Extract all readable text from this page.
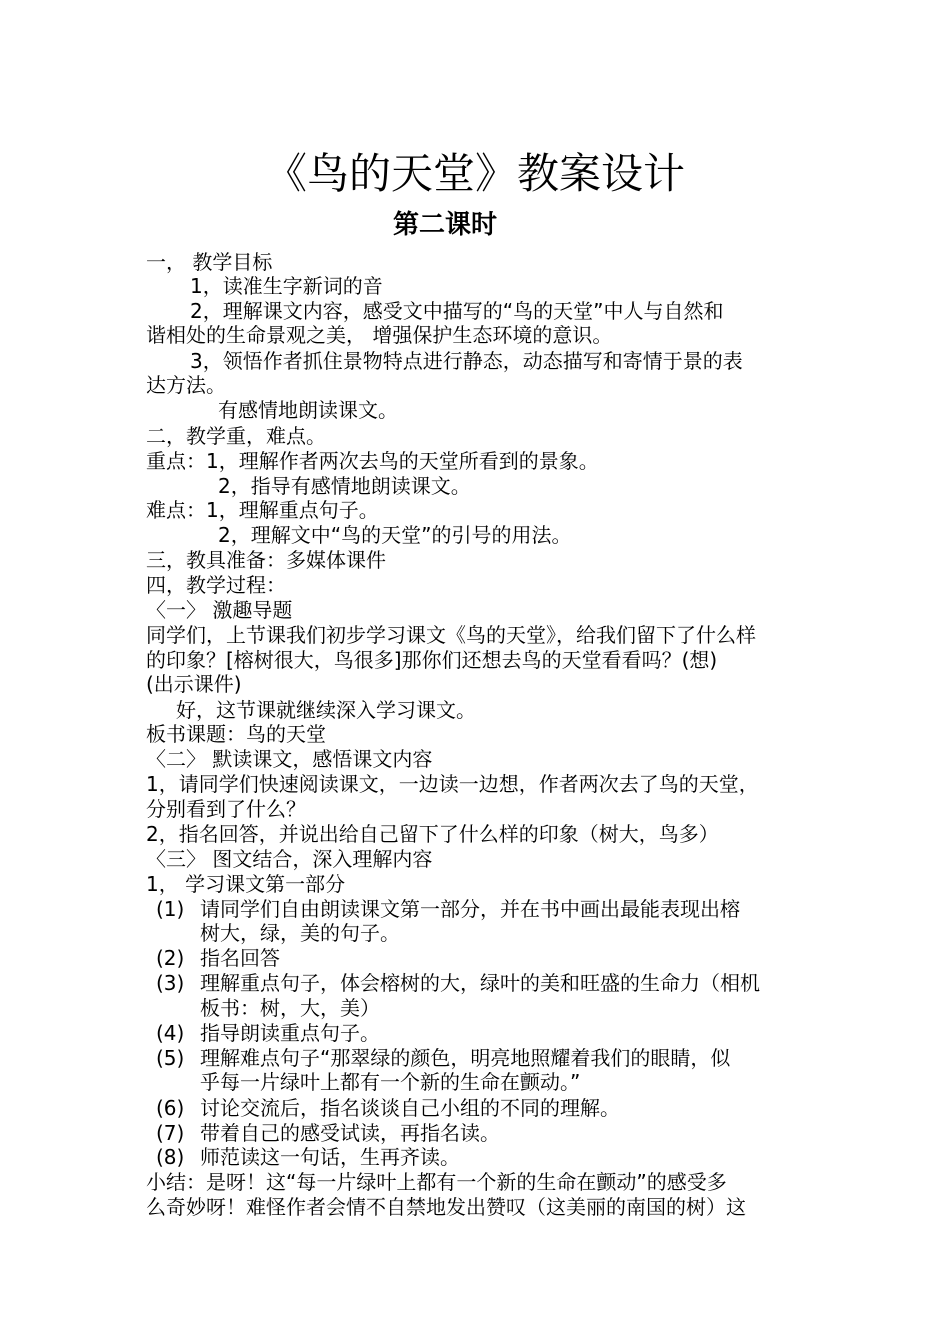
《鸟的天堂》教案设计
第二课时
一， 教学目标
1，读准生字新词的音
2，理解课文内容，感受文中描写的“鸟的天堂”中人与自然和
谐相处的生命景观之美， 增强保护生态环境的意识。
3，领悟作者抓住景物特点进行静态，动态描写和寄情于景的表
达方法。
有感情地朗读课文。
二，教学重，难点。
重点：1，理解作者两次去鸟的天堂所看到的景象。
2，指导有感情地朗读课文。
难点：1，理解重点句子。
2，理解文中“鸟的天堂”的引号的用法。
三，教具准备：多媒体课件
四，教学过程：
〈一〉 激趣导题
同学们，上节课我们初步学习课文《鸟的天堂》，给我们留下了什么样
的印象？[榕树很大，鸟很多]那你们还想去鸟的天堂看看吗？(想)
(出示课件)
好，这节课就继续深入学习课文。
板书课题：鸟的天堂
〈二〉 默读课文，感悟课文内容
1，请同学们快速阅读课文，一边读一边想，作者两次去了鸟的天堂，
分别看到了什么？
2，指名回答，并说出给自己留下了什么样的印象（树大，鸟多）
〈三〉 图文结合，深入理解内容
1， 学习课文第一部分
(1) 请同学们自由朗读课文第一部分，并在书中画出最能表现出榕
树大，绿，美的句子。
(2) 指名回答
(3) 理解重点句子，体会榕树的大，绿叶的美和旺盛的生命力（相机
板书：树，大，美）
(4) 指导朗读重点句子。
(5) 理解难点句子“那翠绿的颜色，明亮地照耀着我们的眼睛，似
乎每一片绿叶上都有一个新的生命在颤动。”
(6) 讨论交流后，指名谈谈自己小组的不同的理解。
(7) 带着自己的感受试读，再指名读。
(8) 师范读这一句话，生再齐读。
小结：是呀！这“每一片绿叶上都有一个新的生命在颤动”的感受多
么奇妙呀！难怪作者会情不自禁地发出赞叹（这美丽的南国的树）这
